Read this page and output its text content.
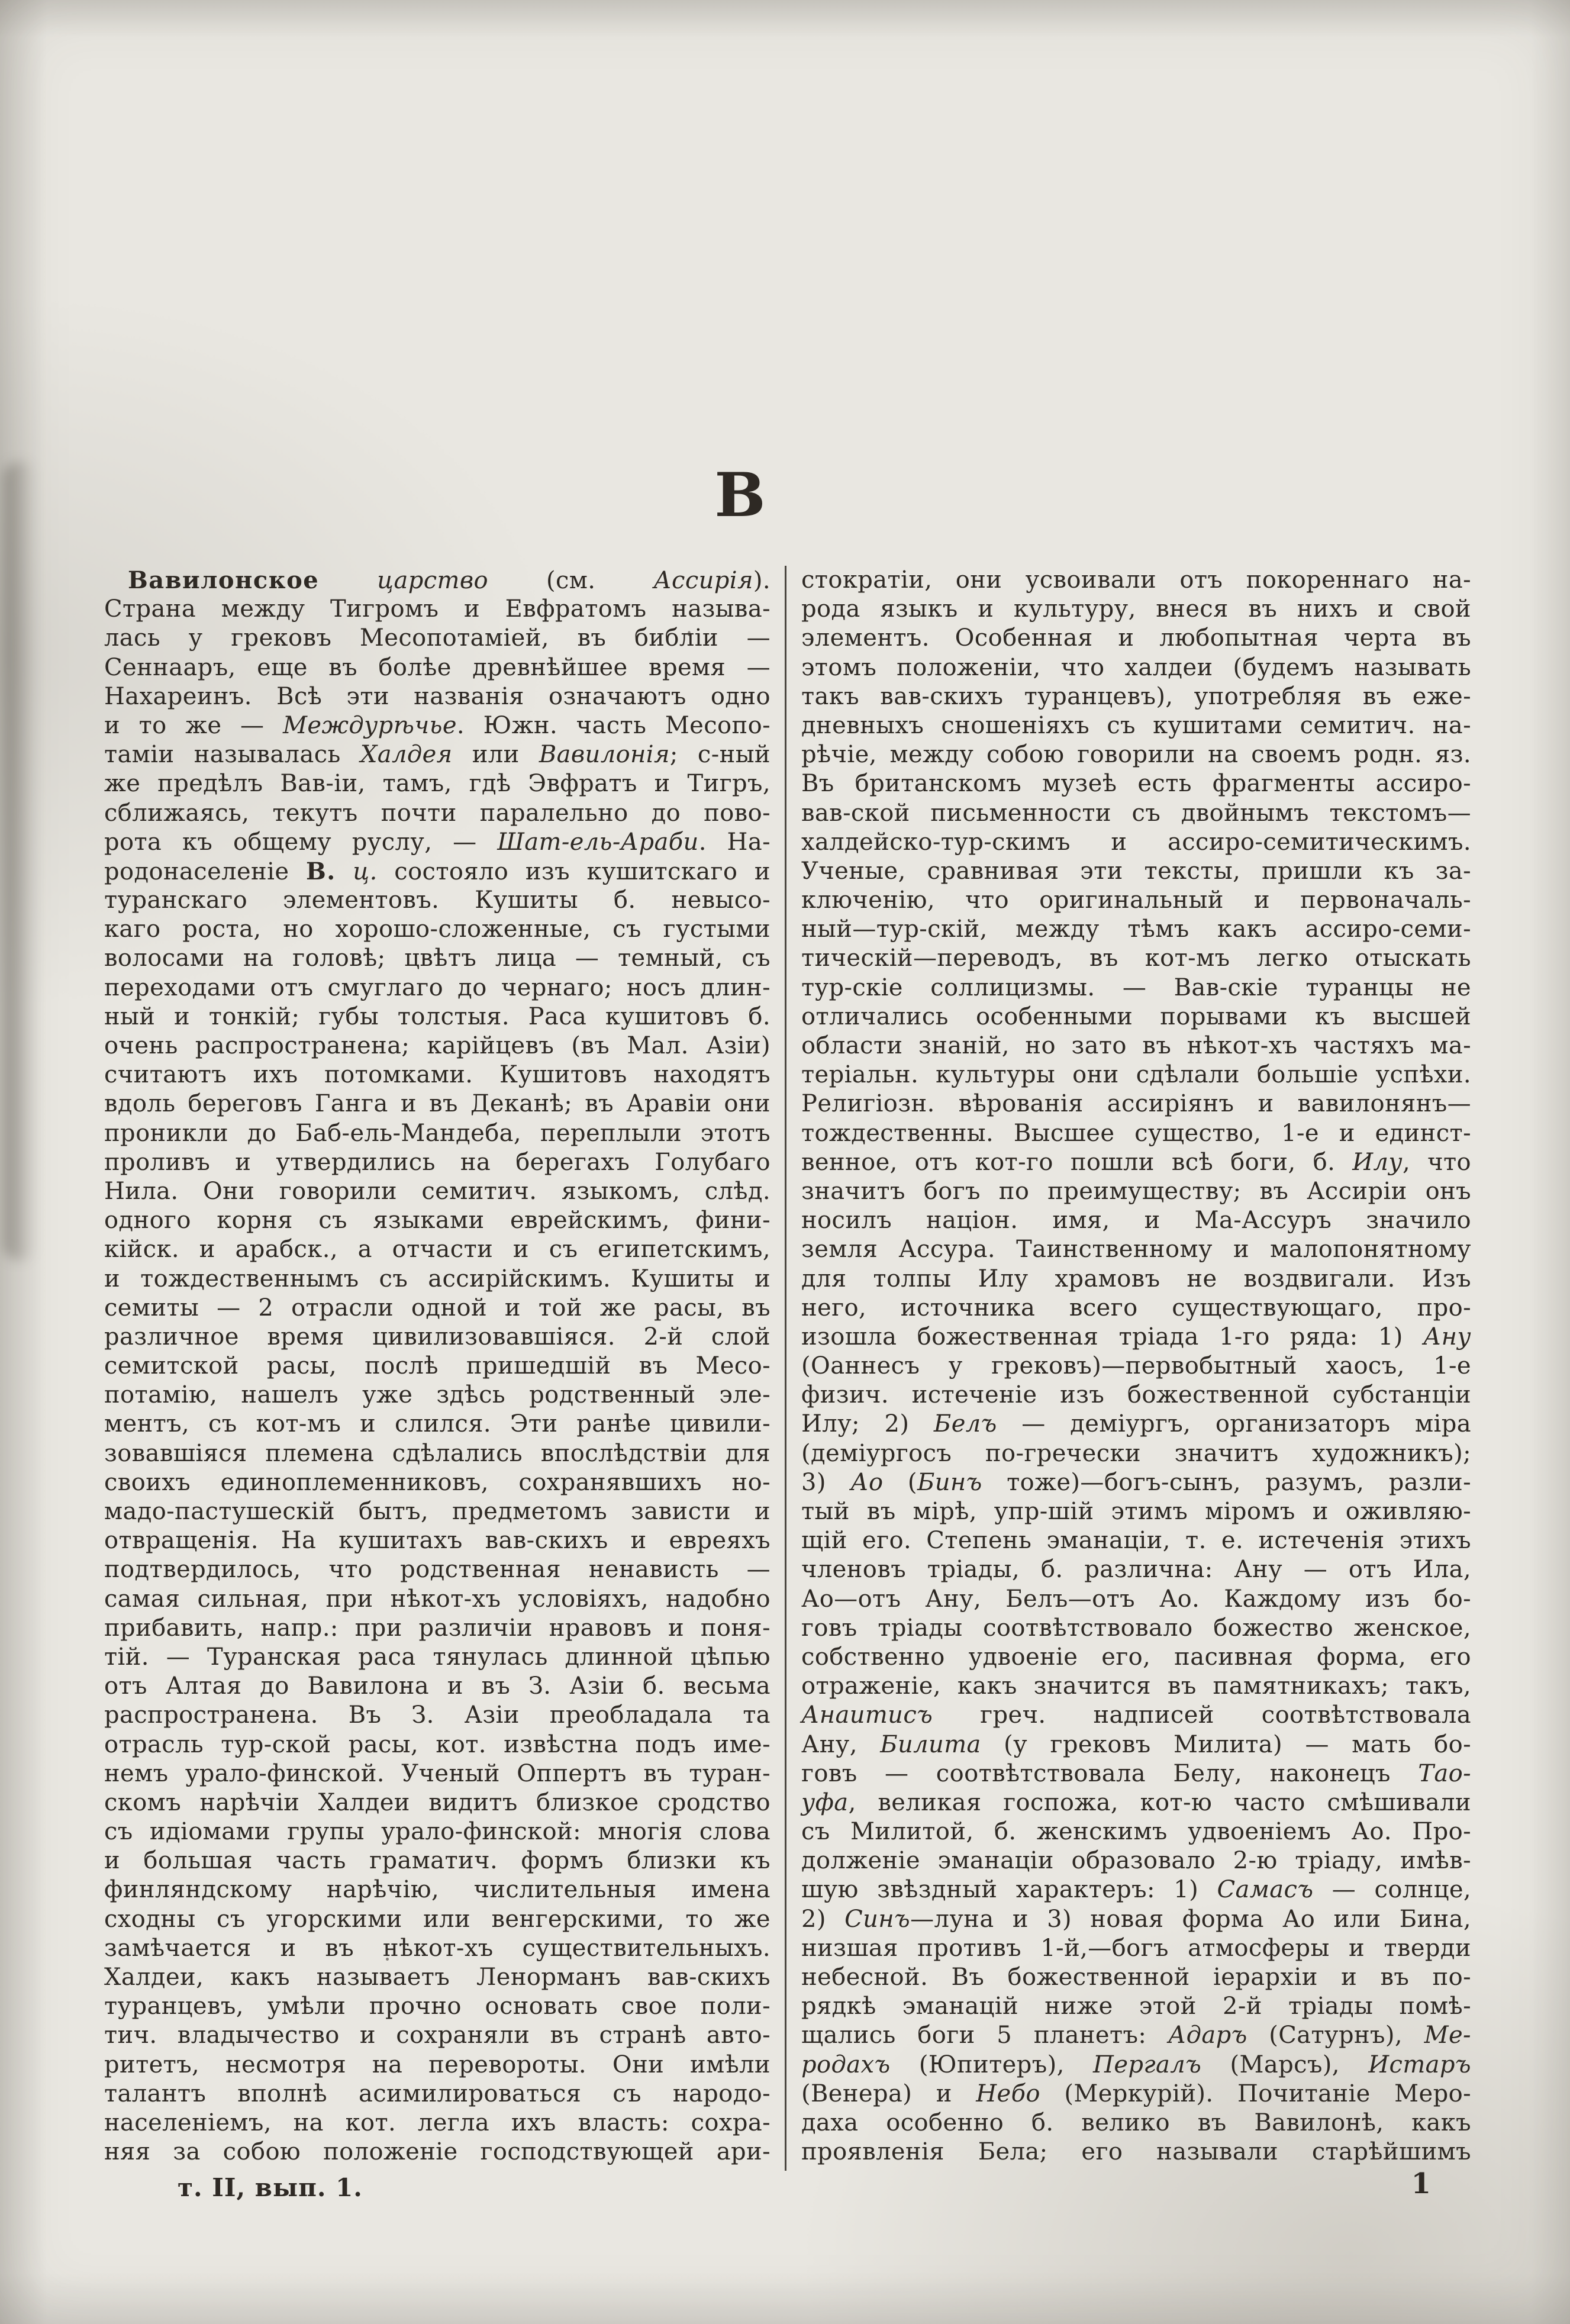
В
Вавилонское царство (см. Ассирія).
Страна между Тигромъ и Евфратомъ называ-
лась у грековъ Месопотаміей, въ библіи —
Сеннааръ, еще въ болѣе древнѣйшее время —
Нахареинъ. Всѣ эти названія означаютъ одно
и то же — Междурѣчье. Южн. часть Месопо-
таміи называлась Халдея или Вавилонія; с-ный
же предѣлъ Вав-іи, тамъ, гдѣ Эвфратъ и Тигръ,
сближаясь, текутъ почти паралельно до пово-
рота къ общему руслу, — Шат-ель-Араби. На-
родонаселеніе В. ц. состояло изъ кушитскаго и
туранскаго элементовъ. Кушиты б. невысо-
каго роста, но хорошо-сложенные, съ густыми
волосами на головѣ; цвѣтъ лица — темный, съ
переходами отъ смуглаго до чернаго; носъ длин-
ный и тонкій; губы толстыя. Раса кушитовъ б.
очень распространена; карійцевъ (въ Мал. Азіи)
считаютъ ихъ потомками. Кушитовъ находятъ
вдоль береговъ Ганга и въ Деканѣ; въ Аравіи они
проникли до Баб-ель-Мандеба, переплыли этотъ
проливъ и утвердились на берегахъ Голубаго
Нила. Они говорили семитич. языкомъ, слѣд.
одного корня съ языками еврейскимъ, фини-
кійск. и арабск., а отчасти и съ египетскимъ,
и тождественнымъ съ ассирійскимъ. Кушиты и
семиты — 2 отрасли одной и той же расы, въ
различное время цивилизовавшіяся. 2-й слой
семитской расы, послѣ пришедшій въ Месо-
потамію, нашелъ уже здѣсь родственный эле-
ментъ, съ кот-мъ и слился. Эти ранѣе цивили-
зовавшіяся племена сдѣлались впослѣдствіи для
своихъ единоплеменниковъ, сохранявшихъ но-
мадо-пастушескій бытъ, предметомъ зависти и
отвращенія. На кушитахъ вав-скихъ и евреяхъ
подтвердилось, что родственная ненависть —
самая сильная, при нѣкот-хъ условіяхъ, надобно
прибавить, напр.: при различіи нравовъ и поня-
тій. — Туранская раса тянулась длинной цѣпью
отъ Алтая до Вавилона и въ З. Азіи б. весьма
распространена. Въ З. Азіи преобладала та
отрасль тур-ской расы, кот. извѣстна подъ име-
немъ урало-финской. Ученый Оппертъ въ туран-
скомъ нарѣчіи Халдеи видитъ близкое сродство
съ идіомами групы урало-финской: многія слова
и большая часть граматич. формъ близки къ
финляндскому нарѣчію, числительныя имена
сходны съ угорскими или венгерскими, то же
замѣчается и въ нѣкот-хъ существительныхъ.
Халдеи, какъ называетъ Ленорманъ вав-скихъ
туранцевъ, умѣли прочно основать свое поли-
тич. владычество и сохраняли въ странѣ авто-
ритетъ, несмотря на перевороты. Они имѣли
талантъ вполнѣ асимилироваться съ народо-
населеніемъ, на кот. легла ихъ власть: сохра-
няя за собою положеніе господствующей ари-
стократіи, они усвоивали отъ покореннаго на-
рода языкъ и культуру, внеся въ нихъ и свой
элементъ. Особенная и любопытная черта въ
этомъ положеніи, что халдеи (будемъ называть
такъ вав-скихъ туранцевъ), употребляя въ еже-
дневныхъ сношеніяхъ съ кушитами семитич. на-
рѣчіе, между собою говорили на своемъ родн. яз.
Въ британскомъ музеѣ есть фрагменты ассиро-
вав-ской письменности съ двойнымъ текстомъ—
халдейско-тур-скимъ и ассиро-семитическимъ.
Ученые, сравнивая эти тексты, пришли къ за-
ключенію, что оригинальный и первоначаль-
ный—тур-скій, между тѣмъ какъ ассиро-семи-
тическій—переводъ, въ кот-мъ легко отыскать
тур-скіе соллицизмы. — Вав-скіе туранцы не
отличались особенными порывами къ высшей
области знаній, но зато въ нѣкот-хъ частяхъ ма-
теріальн. культуры они сдѣлали большіе успѣхи.
Религіозн. вѣрованія ассиріянъ и вавилонянъ—
тождественны. Высшее существо, 1-е и единст-
венное, отъ кот-го пошли всѣ боги, б. Илу, что
значитъ богъ по преимуществу; въ Ассиріи онъ
носилъ націон. имя, и Ма-Ассуръ значило
земля Ассура. Таинственному и малопонятному
для толпы Илу храмовъ не воздвигали. Изъ
него, источника всего существующаго, про-
изошла божественная тріада 1-го ряда: 1) Ану
(Оаннесъ у грековъ)—первобытный хаосъ, 1-е
физич. истеченіе изъ божественной субстанціи
Илу; 2) Белъ — деміургъ, организаторъ міра
(деміургосъ по-гречески значитъ художникъ);
3) Ао (Бинъ тоже)—богъ-сынъ, разумъ, разли-
тый въ мірѣ, упр-шій этимъ міромъ и оживляю-
щій его. Степень эманаціи, т. е. истеченія этихъ
членовъ тріады, б. различна: Ану — отъ Ила,
Ао—отъ Ану, Белъ—отъ Ао. Каждому изъ бо-
говъ тріады соотвѣтствовало божество женское,
собственно удвоеніе его, пасивная форма, его
отраженіе, какъ значится въ памятникахъ; такъ,
Анаитисъ греч. надписей соотвѣтствовала
Ану, Билита (у грековъ Милита) — мать бо-
говъ — соотвѣтствовала Белу, наконецъ Тао-
уфа, великая госпожа, кот-ю часто смѣшивали
съ Милитой, б. женскимъ удвоеніемъ Ао. Про-
долженіе эманаціи образовало 2-ю тріаду, имѣв-
шую звѣздный характеръ: 1) Самасъ — солнце,
2) Синъ—луна и 3) новая форма Ао или Бина,
низшая противъ 1-й,—богъ атмосферы и тверди
небесной. Въ божественной іерархіи и въ по-
рядкѣ эманацій ниже этой 2-й тріады помѣ-
щались боги 5 планетъ: Адаръ (Сатурнъ), Ме-
родахъ (Юпитеръ), Пергалъ (Марсъ), Истаръ
(Венера) и Небо (Меркурій). Почитаніе Меро-
даха особенно б. велико въ Вавилонѣ, какъ
проявленія Бела; его называли старѣйшимъ
т. II, вып. 1.	1
